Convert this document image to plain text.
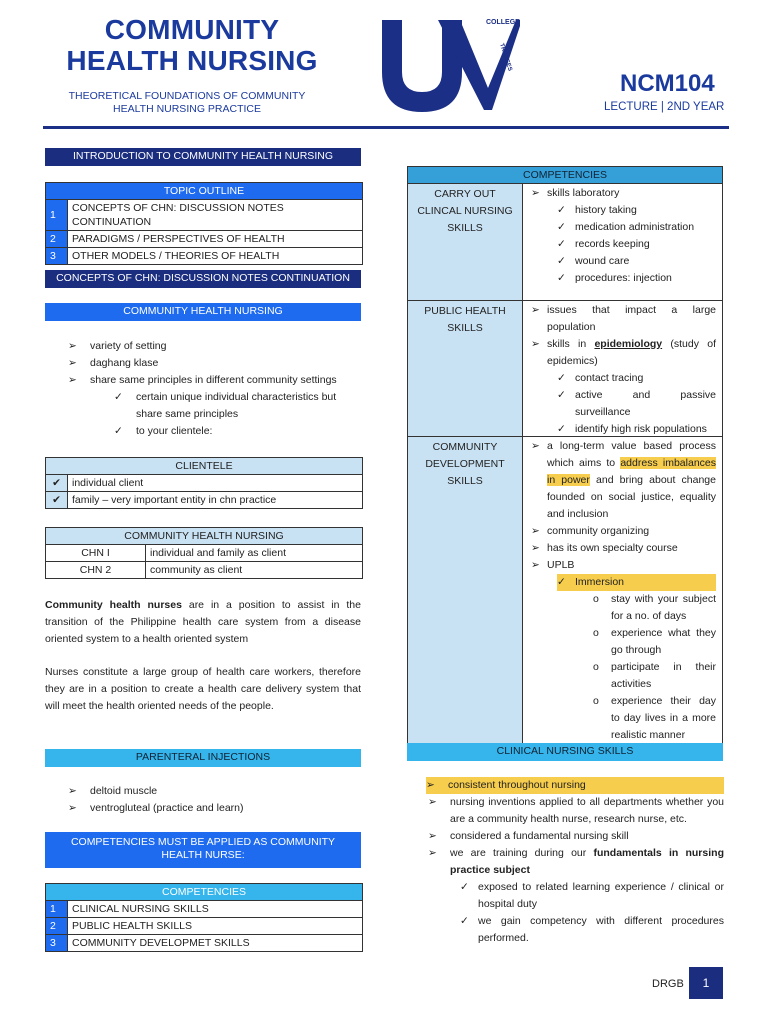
COMMUNITY
HEALTH NURSING
THEORETICAL FOUNDATIONS OF COMMUNITY
HEALTH NURSING PRACTICE
COLLEGE
TRANSES
NCM104
LECTURE | 2ND YEAR
INTRODUCTION TO COMMUNITY HEALTH NURSING
TOPIC OUTLINE	
1	CONCEPTS OF CHN: DISCUSSION NOTES CONTINUATION
2	PARADIGMS / PERSPECTIVES OF HEALTH
3	OTHER MODELS / THEORIES OF HEALTH
CONCEPTS OF CHN: DISCUSSION NOTES CONTINUATION
COMMUNITY HEALTH NURSING
➢ variety of setting
➢ daghang klase
➢ share same principles in different community settings
✓ certain unique individual characteristics but
share same principles
✓ to your clientele:
CLIENTELE	
✔	individual client
✔	family – very important entity in chn practice
COMMUNITY HEALTH NURSING	
CHN I	individual and family as client
CHN 2	community as client
Community health nurses are in a position to assist in the transition of the Philippine health care system from a disease oriented system to a health oriented system
Nurses constitute a large group of health care workers, therefore they are in a position to create a health care delivery system that will meet the health oriented needs of the people.
PARENTERAL INJECTIONS
➢ deltoid muscle
➢ ventrogluteal (practice and learn)
COMPETENCIES MUST BE APPLIED AS COMMUNITY
HEALTH NURSE:
COMPETENCIES	
1	CLINICAL NURSING SKILLS
2	PUBLIC HEALTH SKILLS
3	COMMUNITY DEVELOPMET SKILLS
COMPETENCIES
CARRY OUT CLINCAL NURSING SKILLS
➢ skills laboratory
✓ history taking
✓ medication administration
✓ records keeping
✓ wound care
✓ procedures: injection
PUBLIC HEALTH SKILLS
➢ issues that impact a large population
➢ skills in epidemiology (study of epidemics)
✓ contact tracing
✓ active and passive surveillance
✓ identify high risk populations
COMMUNITY DEVELOPMENT SKILLS
➢ a long-term value based process which aims to address imbalances in power and bring about change founded on social justice, equality and inclusion
➢ community organizing
➢ has its own specialty course
➢ UPLB
✓ Immersion
o stay with your subject for a no. of days
o experience what they go through
o participate in their activities
o experience their day to day lives in a more realistic manner
CLINICAL NURSING SKILLS
➢ consistent throughout nursing
➢ nursing inventions applied to all departments whether you are a community health nurse, research nurse, etc.
➢ considered a fundamental nursing skill
➢ we are training during our fundamentals in nursing practice subject
✓ exposed to related learning experience / clinical or hospital duty
✓ we gain competency with different procedures performed.
DRGB	1
